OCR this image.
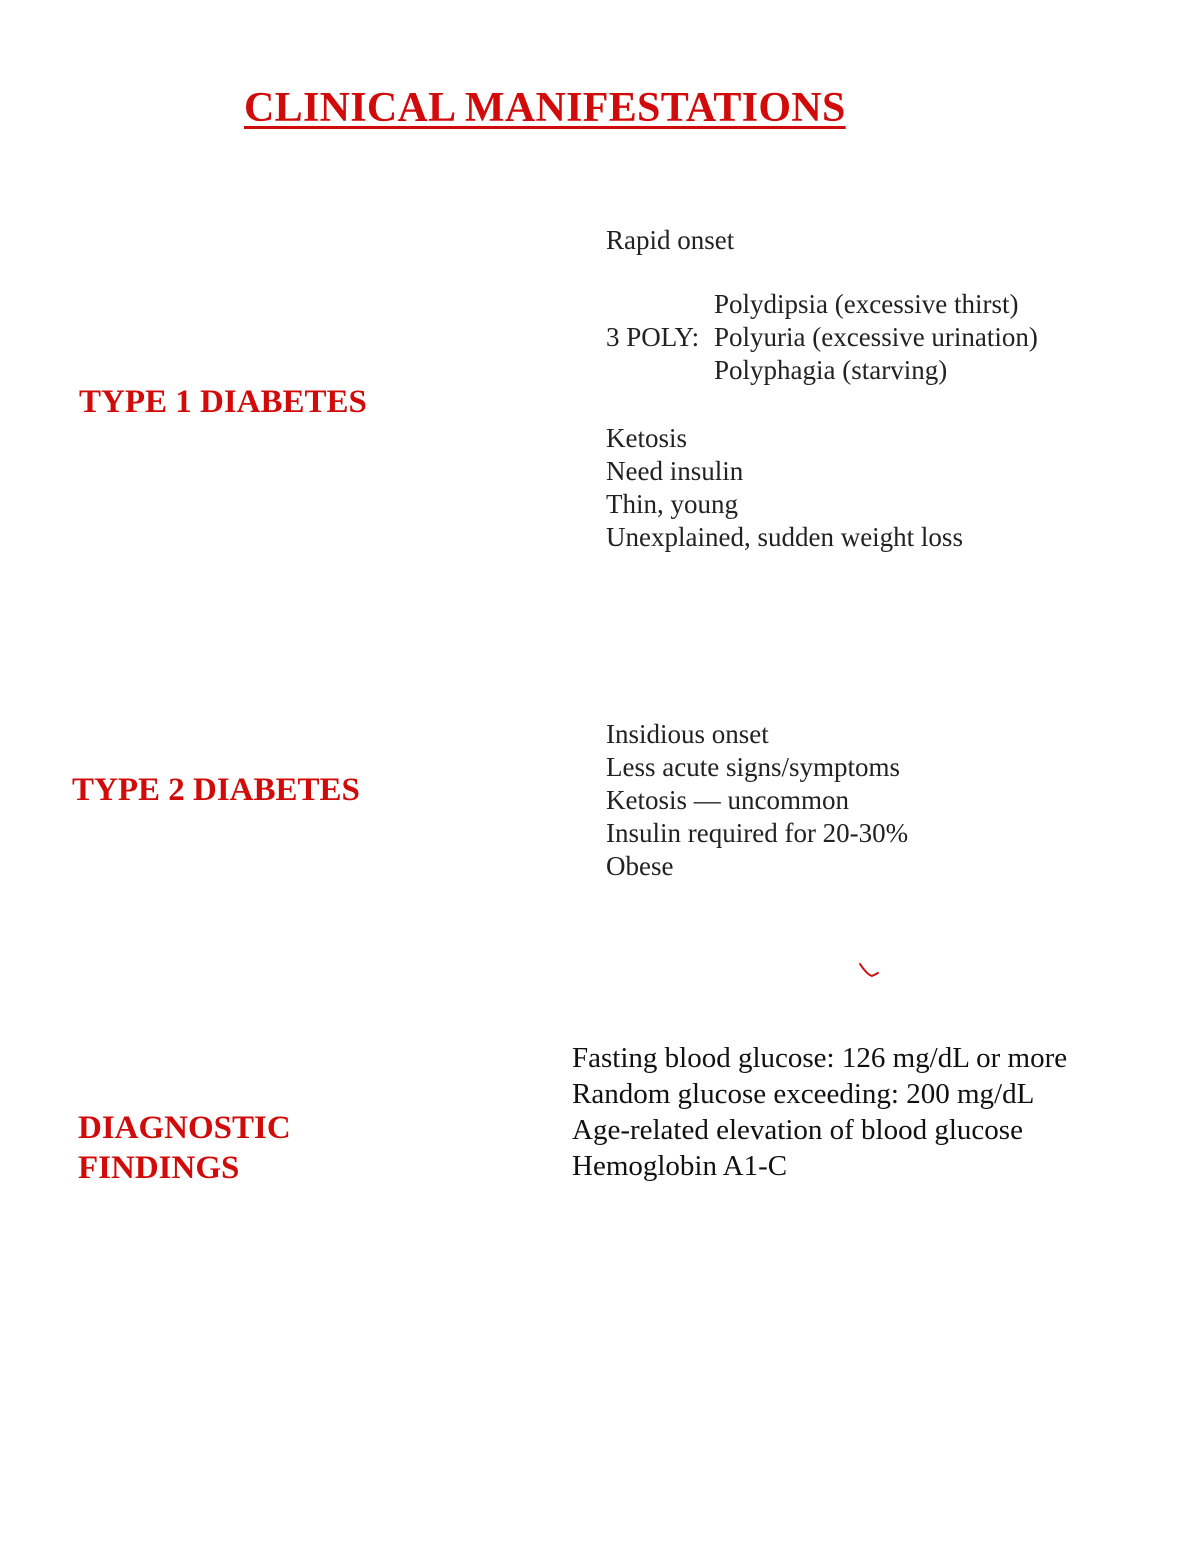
CLINICAL MANIFESTATIONS
TYPE 1 DIABETES
Rapid onset
Polydipsia (excessive thirst)
3 POLY: Polyuria (excessive urination)
Polyphagia (starving)
Ketosis
Need insulin
Thin, young
Unexplained, sudden weight loss
TYPE 2 DIABETES
Insidious onset
Less acute signs/symptoms
Ketosis — uncommon
Insulin required for 20-30%
Obese
DIAGNOSTIC FINDINGS
Fasting blood glucose: 126 mg/dL or more
Random glucose exceeding: 200 mg/dL
Age-related elevation of blood glucose
Hemoglobin A1-C
